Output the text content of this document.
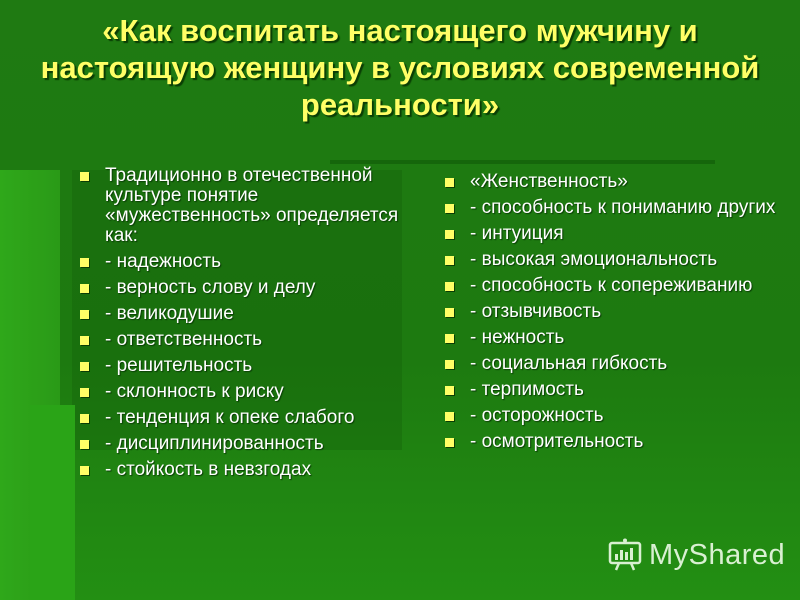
«Как воспитать настоящего мужчину и настоящую женщину в условиях современной реальности»
Традиционно в отечественной культуре понятие «мужественность» определяется как:
- надежность
- верность слову и делу
- великодушие
- ответственность
- решительность
- склонность к риску
- тенденция к опеке слабого
- дисциплинированность
- стойкость в невзгодах
«Женственность»
- способность к пониманию других
- интуиция
- высокая эмоциональность
- способность к сопереживанию
- отзывчивость
- нежность
- социальная гибкость
- терпимость
- осторожность
- осмотрительность
MyShared
